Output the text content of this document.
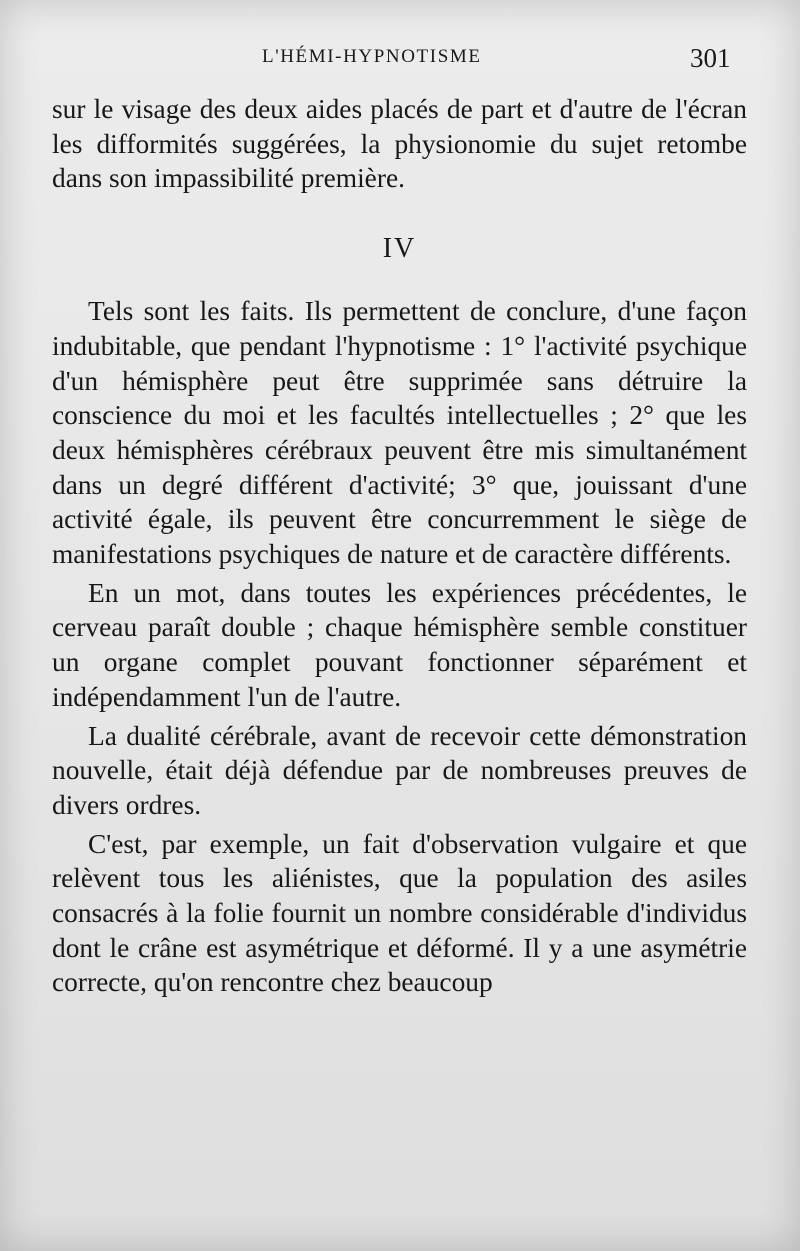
L'HÉMI-HYPNOTISME	301

sur le visage des deux aides placés de part et d'autre de l'écran les difformités suggérées, la physionomie du sujet retombe dans son impassibilité première.

IV

Tels sont les faits. Ils permettent de conclure, d'une façon indubitable, que pendant l'hypnotisme : 1° l'activité psychique d'un hémisphère peut être supprimée sans détruire la conscience du moi et les facultés intellectuelles ; 2° que les deux hémisphères cérébraux peuvent être mis simultanément dans un degré différent d'activité; 3° que, jouissant d'une activité égale, ils peuvent être concurremment le siège de manifestations psychiques de nature et de caractère différents.

En un mot, dans toutes les expériences précédentes, le cerveau paraît double ; chaque hémisphère semble constituer un organe complet pouvant fonctionner séparément et indépendamment l'un de l'autre.

La dualité cérébrale, avant de recevoir cette démonstration nouvelle, était déjà défendue par de nombreuses preuves de divers ordres.

C'est, par exemple, un fait d'observation vulgaire et que relèvent tous les aliénistes, que la population des asiles consacrés à la folie fournit un nombre considérable d'individus dont le crâne est asymétrique et déformé. Il y a une asymétrie correcte, qu'on rencontre chez beaucoup
